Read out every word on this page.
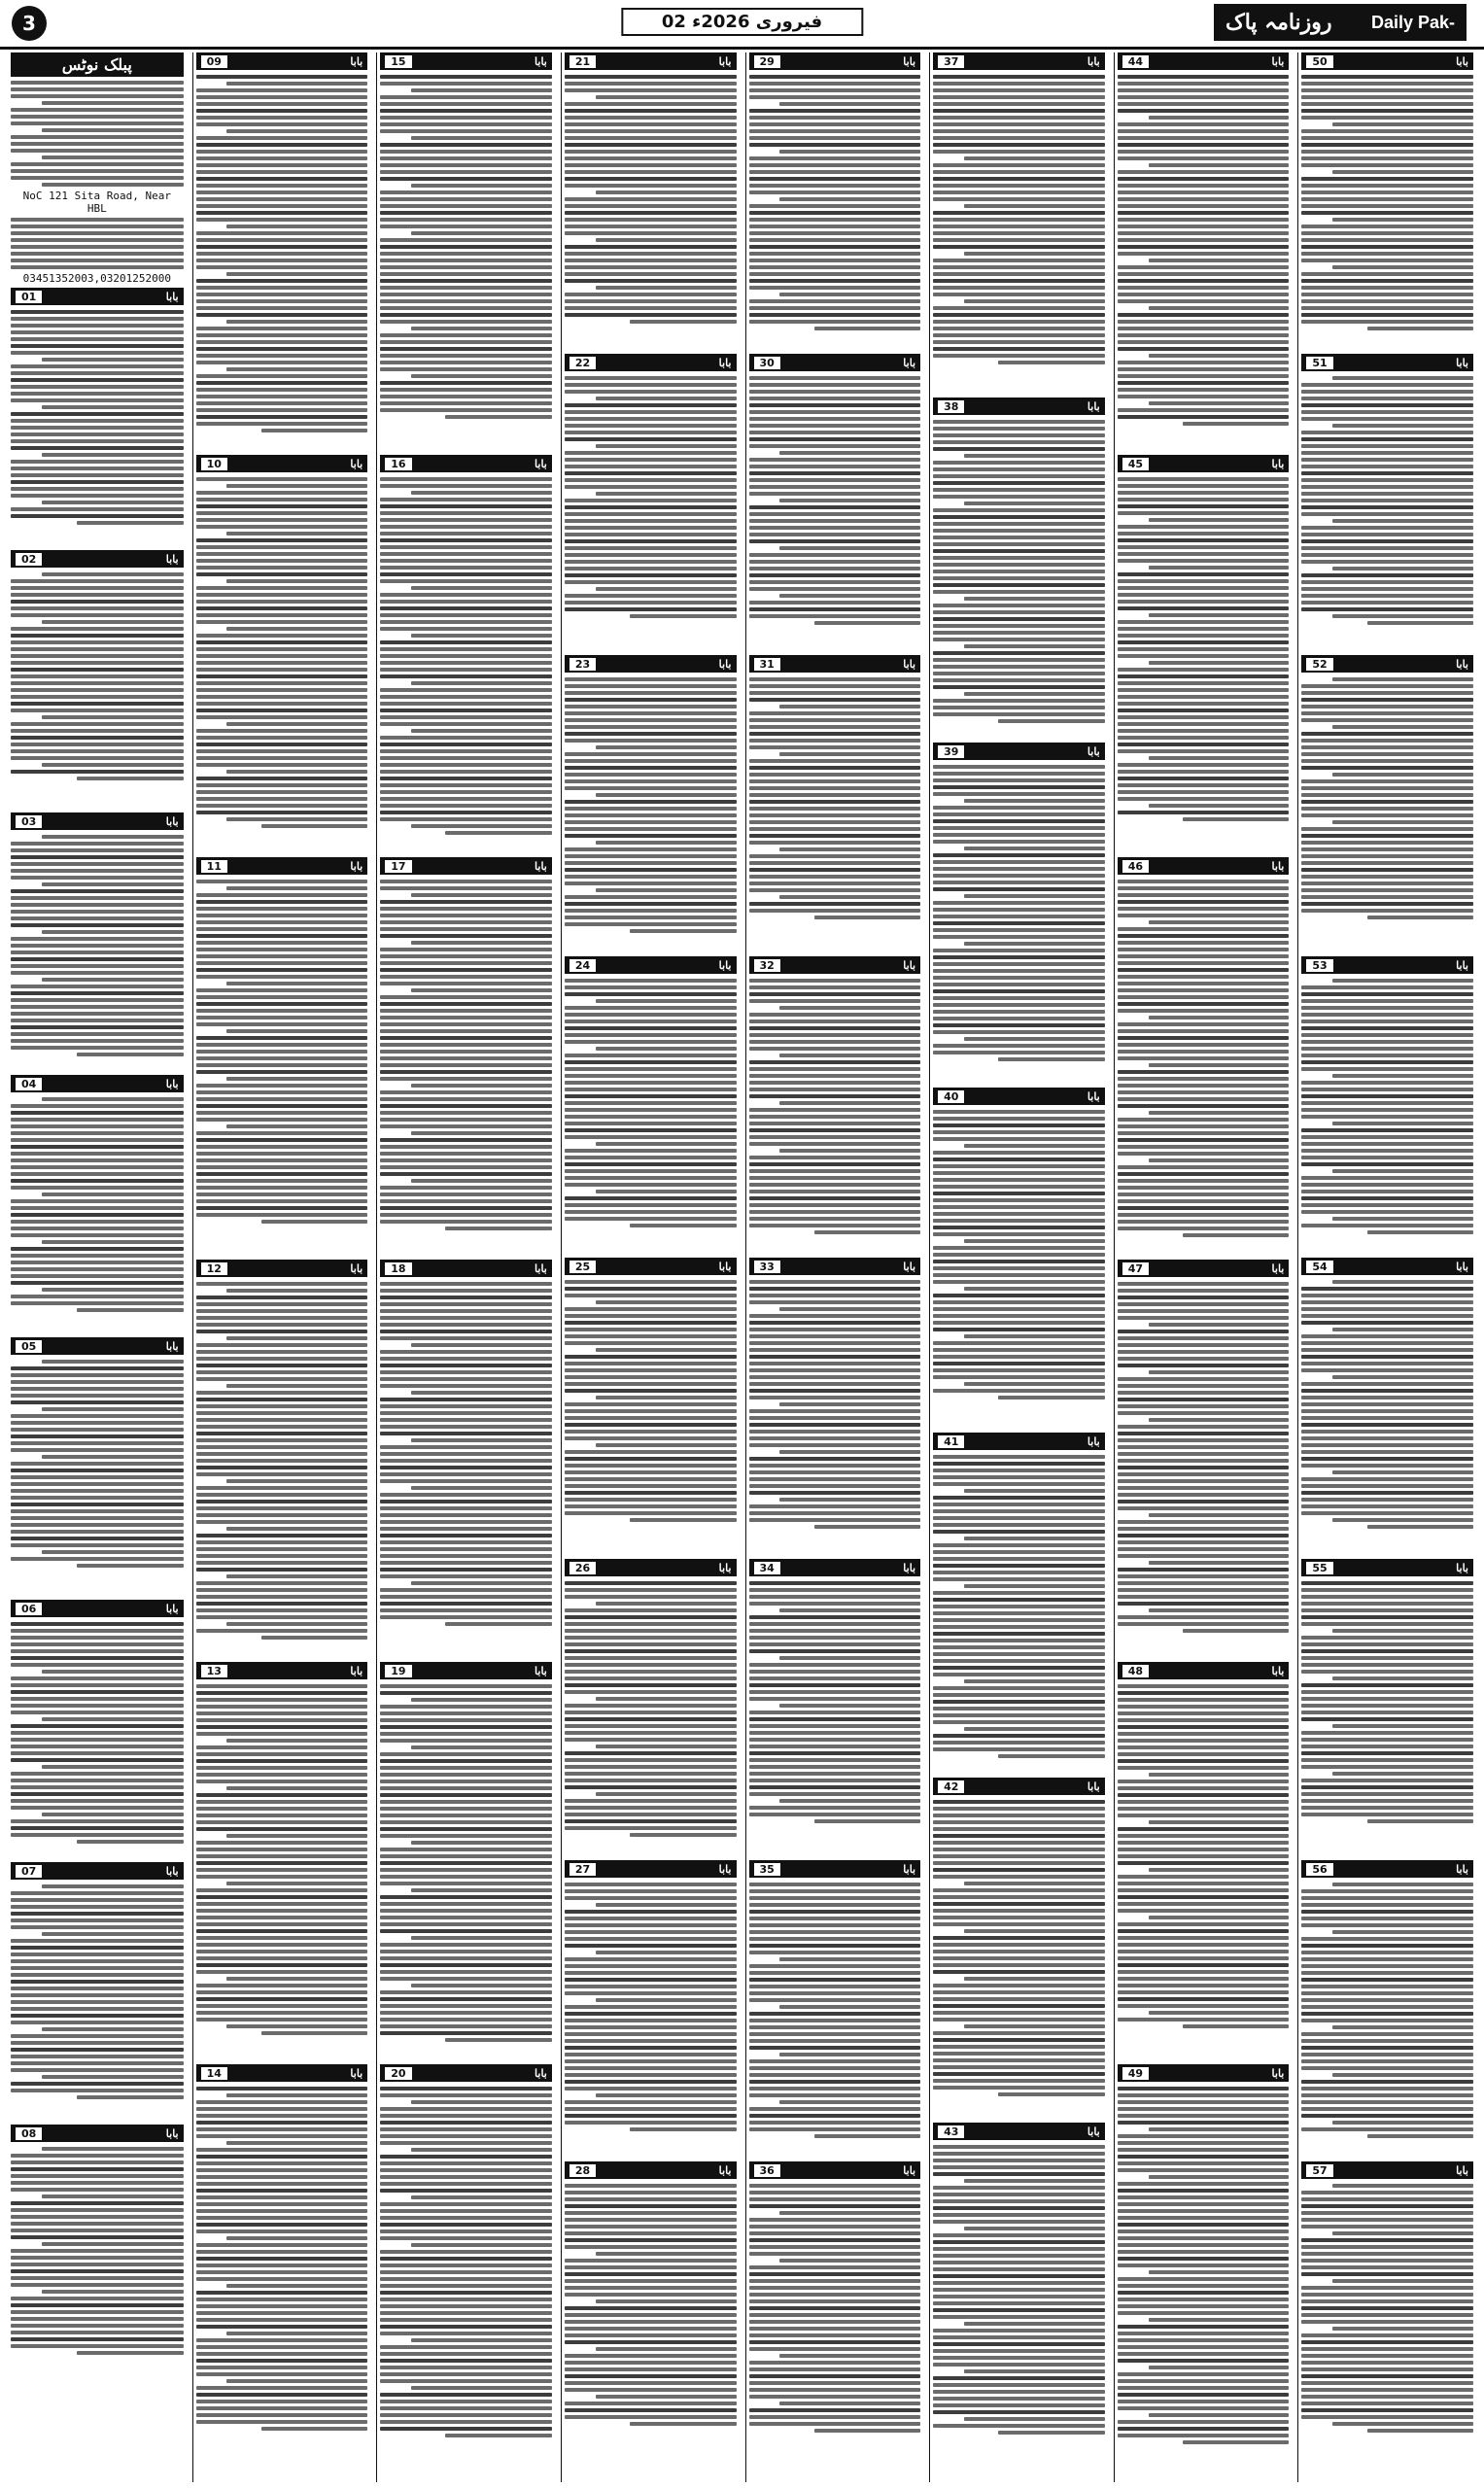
3	02 فیروری 2026ء	روزنامہ پاک Daily Pak-
50	بابا
51	بابا
52	بابا
53	بابا
54	بابا
55	بابا
56	بابا
57	بابا
44	بابا
45	بابا
46	بابا
47	بابا
48	بابا
49	بابا
37	بابا
38	بابا
39	بابا
40	بابا
41	بابا
42	بابا
43	بابا
29	بابا
30	بابا
31	بابا
32	بابا
33	بابا
34	بابا
35	بابا
36	بابا
21	بابا
22	بابا
23	بابا
24	بابا
25	بابا
26	بابا
27	بابا
28	بابا
15	بابا
16	بابا
17	بابا
18	بابا
19	بابا
20	بابا
09	بابا
10	بابا
11	بابا
12	بابا
13	بابا
14	بابا
پبلک نوٹس
NoC 121 Sita Road, Near HBL
03451352003,03201252000
01	بابا
02	بابا
03	بابا
04	بابا
05	بابا
06	بابا
07	بابا
08	بابا
